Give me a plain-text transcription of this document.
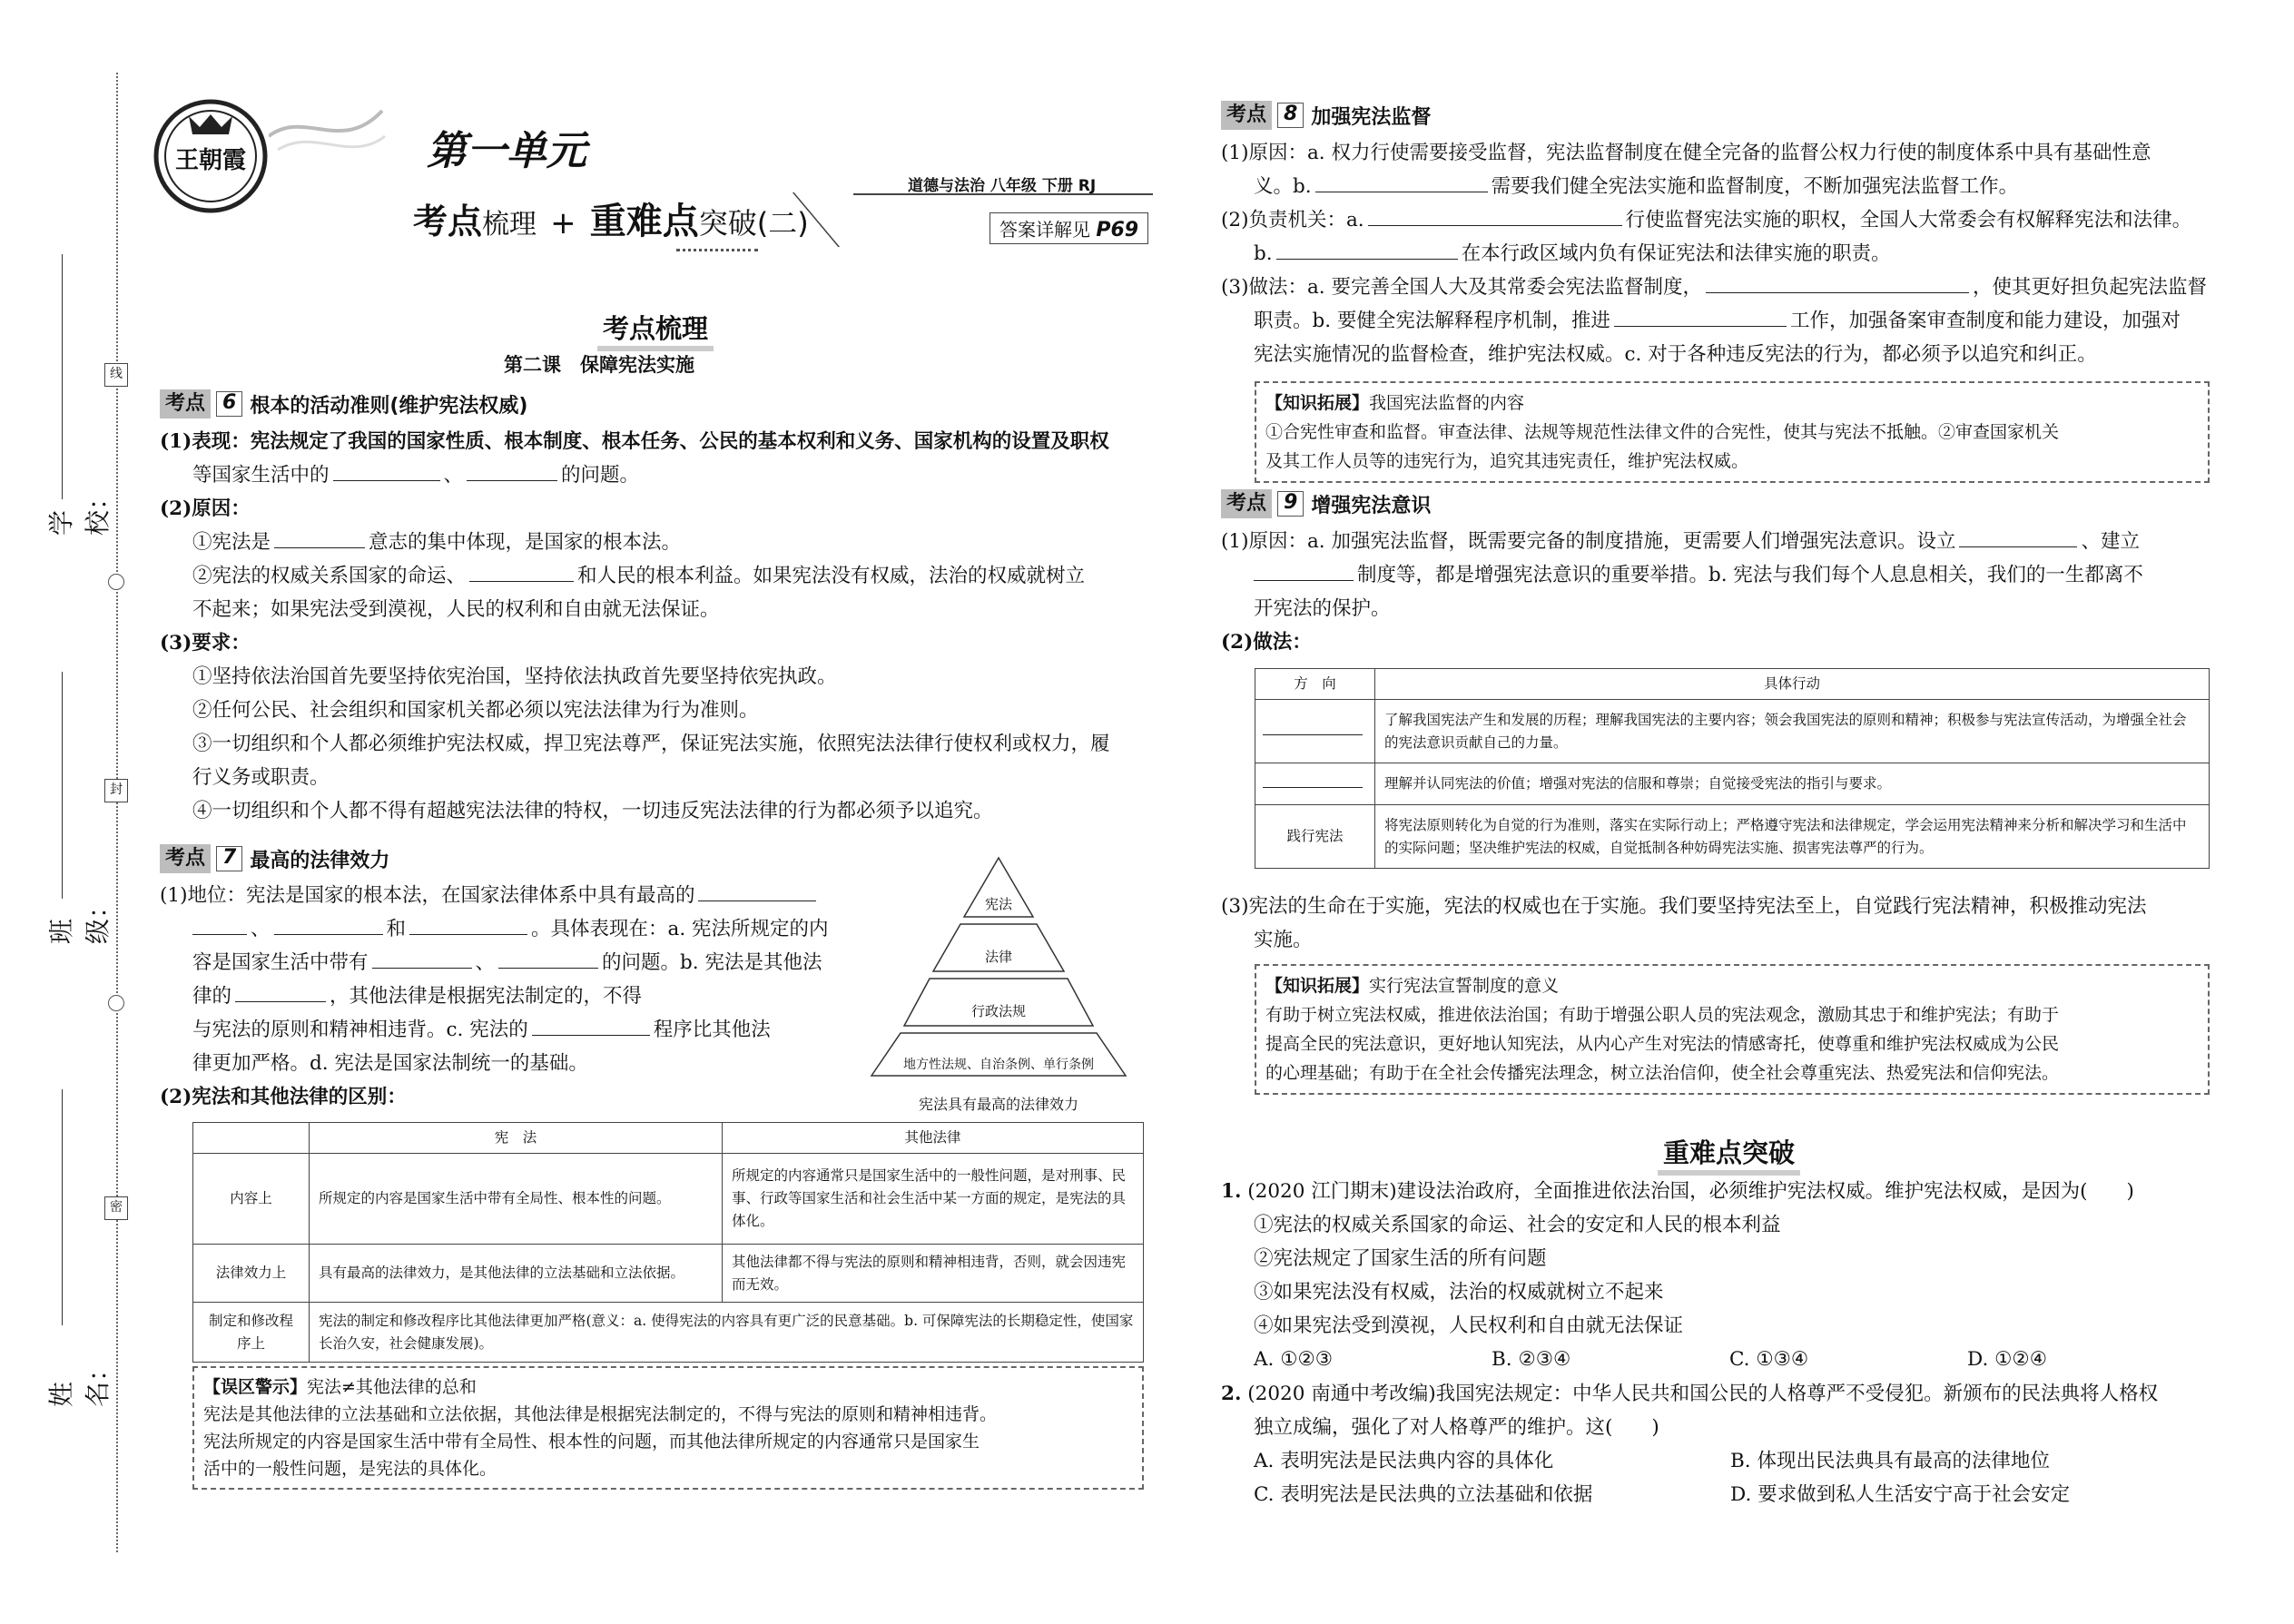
学校：
线
班级：
封
密
姓名：
王朝霞	第一单元
考点梳理 + 重难点突破(二)
道德与法治 八年级 下册 RJ
答案详解见 P69
考点梳理
第二课　保障宪法实施
考点 6 根本的活动准则(维护宪法权威)
(1)表现：宪法规定了我国的国家性质、根本制度、根本任务、公民的基本权利和义务、国家机构的设置及职权
等国家生活中的	、	的问题。
(2)原因：
①宪法是	意志的集中体现，是国家的根本法。
②宪法的权威关系国家的命运、	和人民的根本利益。如果宪法没有权威，法治的权威就树立
不起来；如果宪法受到漠视，人民的权利和自由就无法保证。
(3)要求：
①坚持依法治国首先要坚持依宪治国，坚持依法执政首先要坚持依宪执政。
②任何公民、社会组织和国家机关都必须以宪法法律为行为准则。
③一切组织和个人都必须维护宪法权威，捍卫宪法尊严，保证宪法实施，依照宪法法律行使权利或权力，履
行义务或职责。
④一切组织和个人都不得有超越宪法法律的特权，一切违反宪法法律的行为都必须予以追究。
考点 7 最高的法律效力
(1)地位：宪法是国家的根本法，在国家法律体系中具有最高的
、	和	。具体表现在：a. 宪法所规定的内
容是国家生活中带有	、	的问题。b. 宪法是其他法
律的	，其他法律是根据宪法制定的，不得
与宪法的原则和精神相违背。c. 宪法的	程序比其他法
律更加严格。d. 宪法是国家法制统一的基础。
(2)宪法和其他法律的区别：
宪法
法律
行政法规
地方性法规、自治条例、单行条例
宪法具有最高的法律效力
	宪　法	其他法律
内容上	所规定的内容是国家生活中带有全局性、根本性的问题。	所规定的内容通常只是国家生活中的一般性问题，是对刑事、民事、行政等国家生活和社会生活中某一方面的规定，是宪法的具体化。
法律效力上	具有最高的法律效力，是其他法律的立法基础和立法依据。	其他法律都不得与宪法的原则和精神相违背，否则，就会因违宪而无效。
制定和修改程序上	宪法的制定和修改程序比其他法律更加严格(意义：a. 使得宪法的内容具有更广泛的民意基础。b. 可保障宪法的长期稳定性，使国家长治久安，社会健康发展)。	
【误区警示】宪法≠其他法律的总和
宪法是其他法律的立法基础和立法依据，其他法律是根据宪法制定的，不得与宪法的原则和精神相违背。
宪法所规定的内容是国家生活中带有全局性、根本性的问题，而其他法律所规定的内容通常只是国家生
活中的一般性问题，是宪法的具体化。
考点 8 加强宪法监督
(1)原因：a. 权力行使需要接受监督，宪法监督制度在健全完备的监督公权力行使的制度体系中具有基础性意
义。b.	需要我们健全宪法实施和监督制度，不断加强宪法监督工作。
(2)负责机关：a.	行使监督宪法实施的职权，全国人大常委会有权解释宪法和法律。
b.	在本行政区域内负有保证宪法和法律实施的职责。
(3)做法：a. 要完善全国人大及其常委会宪法监督制度，	，使其更好担负起宪法监督
职责。b. 要健全宪法解释程序机制，推进	工作，加强备案审查制度和能力建设，加强对
宪法实施情况的监督检查，维护宪法权威。c. 对于各种违反宪法的行为，都必须予以追究和纠正。
【知识拓展】我国宪法监督的内容
①合宪性审查和监督。审查法律、法规等规范性法律文件的合宪性，使其与宪法不抵触。②审查国家机关
及其工作人员等的违宪行为，追究其违宪责任，维护宪法权威。
考点 9 增强宪法意识
(1)原因：a. 加强宪法监督，既需要完备的制度措施，更需要人们增强宪法意识。设立	、建立
制度等，都是增强宪法意识的重要举措。b. 宪法与我们每个人息息相关，我们的一生都离不
开宪法的保护。
(2)做法：
方　向	具体行动
	了解我国宪法产生和发展的历程；理解我国宪法的主要内容；领会我国宪法的原则和精神；积极参与宪法宣传活动，为增强全社会的宪法意识贡献自己的力量。
	理解并认同宪法的价值；增强对宪法的信服和尊崇；自觉接受宪法的指引与要求。
践行宪法	将宪法原则转化为自觉的行为准则，落实在实际行动上；严格遵守宪法和法律规定，学会运用宪法精神来分析和解决学习和生活中的实际问题；坚决维护宪法的权威，自觉抵制各种妨碍宪法实施、损害宪法尊严的行为。
(3)宪法的生命在于实施，宪法的权威也在于实施。我们要坚持宪法至上，自觉践行宪法精神，积极推动宪法
实施。
【知识拓展】实行宪法宣誓制度的意义
有助于树立宪法权威，推进依法治国；有助于增强公职人员的宪法观念，激励其忠于和维护宪法；有助于
提高全民的宪法意识，更好地认知宪法，从内心产生对宪法的情感寄托，使尊重和维护宪法权威成为公民
的心理基础；有助于在全社会传播宪法理念，树立法治信仰，使全社会尊重宪法、热爱宪法和信仰宪法。
重难点突破
1. (2020 江门期末)建设法治政府，全面推进依法治国，必须维护宪法权威。维护宪法权威，是因为(　　)
①宪法的权威关系国家的命运、社会的安定和人民的根本利益
②宪法规定了国家生活的所有问题
③如果宪法没有权威，法治的权威就树立不起来
④如果宪法受到漠视，人民权利和自由就无法保证
A. ①②③	B. ②③④	C. ①③④	D. ①②④
2. (2020 南通中考改编)我国宪法规定：中华人民共和国公民的人格尊严不受侵犯。新颁布的民法典将人格权
独立成编，强化了对人格尊严的维护。这(　　)
A. 表明宪法是民法典内容的具体化	B. 体现出民法典具有最高的法律地位
C. 表明宪法是民法典的立法基础和依据	D. 要求做到私人生活安宁高于社会安定
